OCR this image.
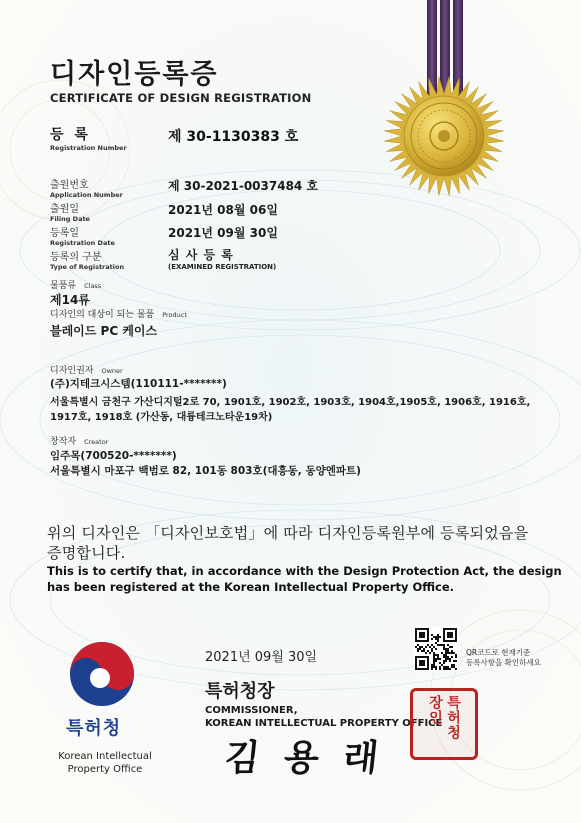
디자인등록증
CERTIFICATE OF DESIGN REGISTRATION
등 록
Registration Number
제 30-1130383 호
출원번호
Application Number
제 30-2021-0037484 호
출원일
Filing Date
2021년 08월 06일
등록일
Registration Date
2021년 09월 30일
등록의 구분
Type of Registration
심 사 등 록
(EXAMINED REGISTRATION)
물품류 Class
제14류
디자인의 대상이 되는 물품 Product
블레이드 PC 케이스
디자인권자 Owner
(주)지테크시스템(110111-*******)
서울특별시 금천구 가산디지털2로 70, 1901호, 1902호, 1903호, 1904호,1905호, 1906호, 1916호,
1917호, 1918호 (가산동, 대륭테크노타운19차)
창작자 Creator
임주목(700520-*******)
서울특별시 마포구 백범로 82, 101동 803호(대흥동, 동양엔파트)
위의 디자인은 「디자인보호법」에 따라 디자인등록원부에 등록되었음을
증명합니다.
This is to certify that, in accordance with the Design Protection Act, the design
has been registered at the Korean Intellectual Property Office.
2021년 09월 30일	QR코드로 현재기준
등록사항을 확인하세요
특허청
Korean Intellectual
Property Office
특허청장
COMMISSIONER,
KOREAN INTELLECTUAL PROPERTY OFFICE
김 용 래
특허청장인
